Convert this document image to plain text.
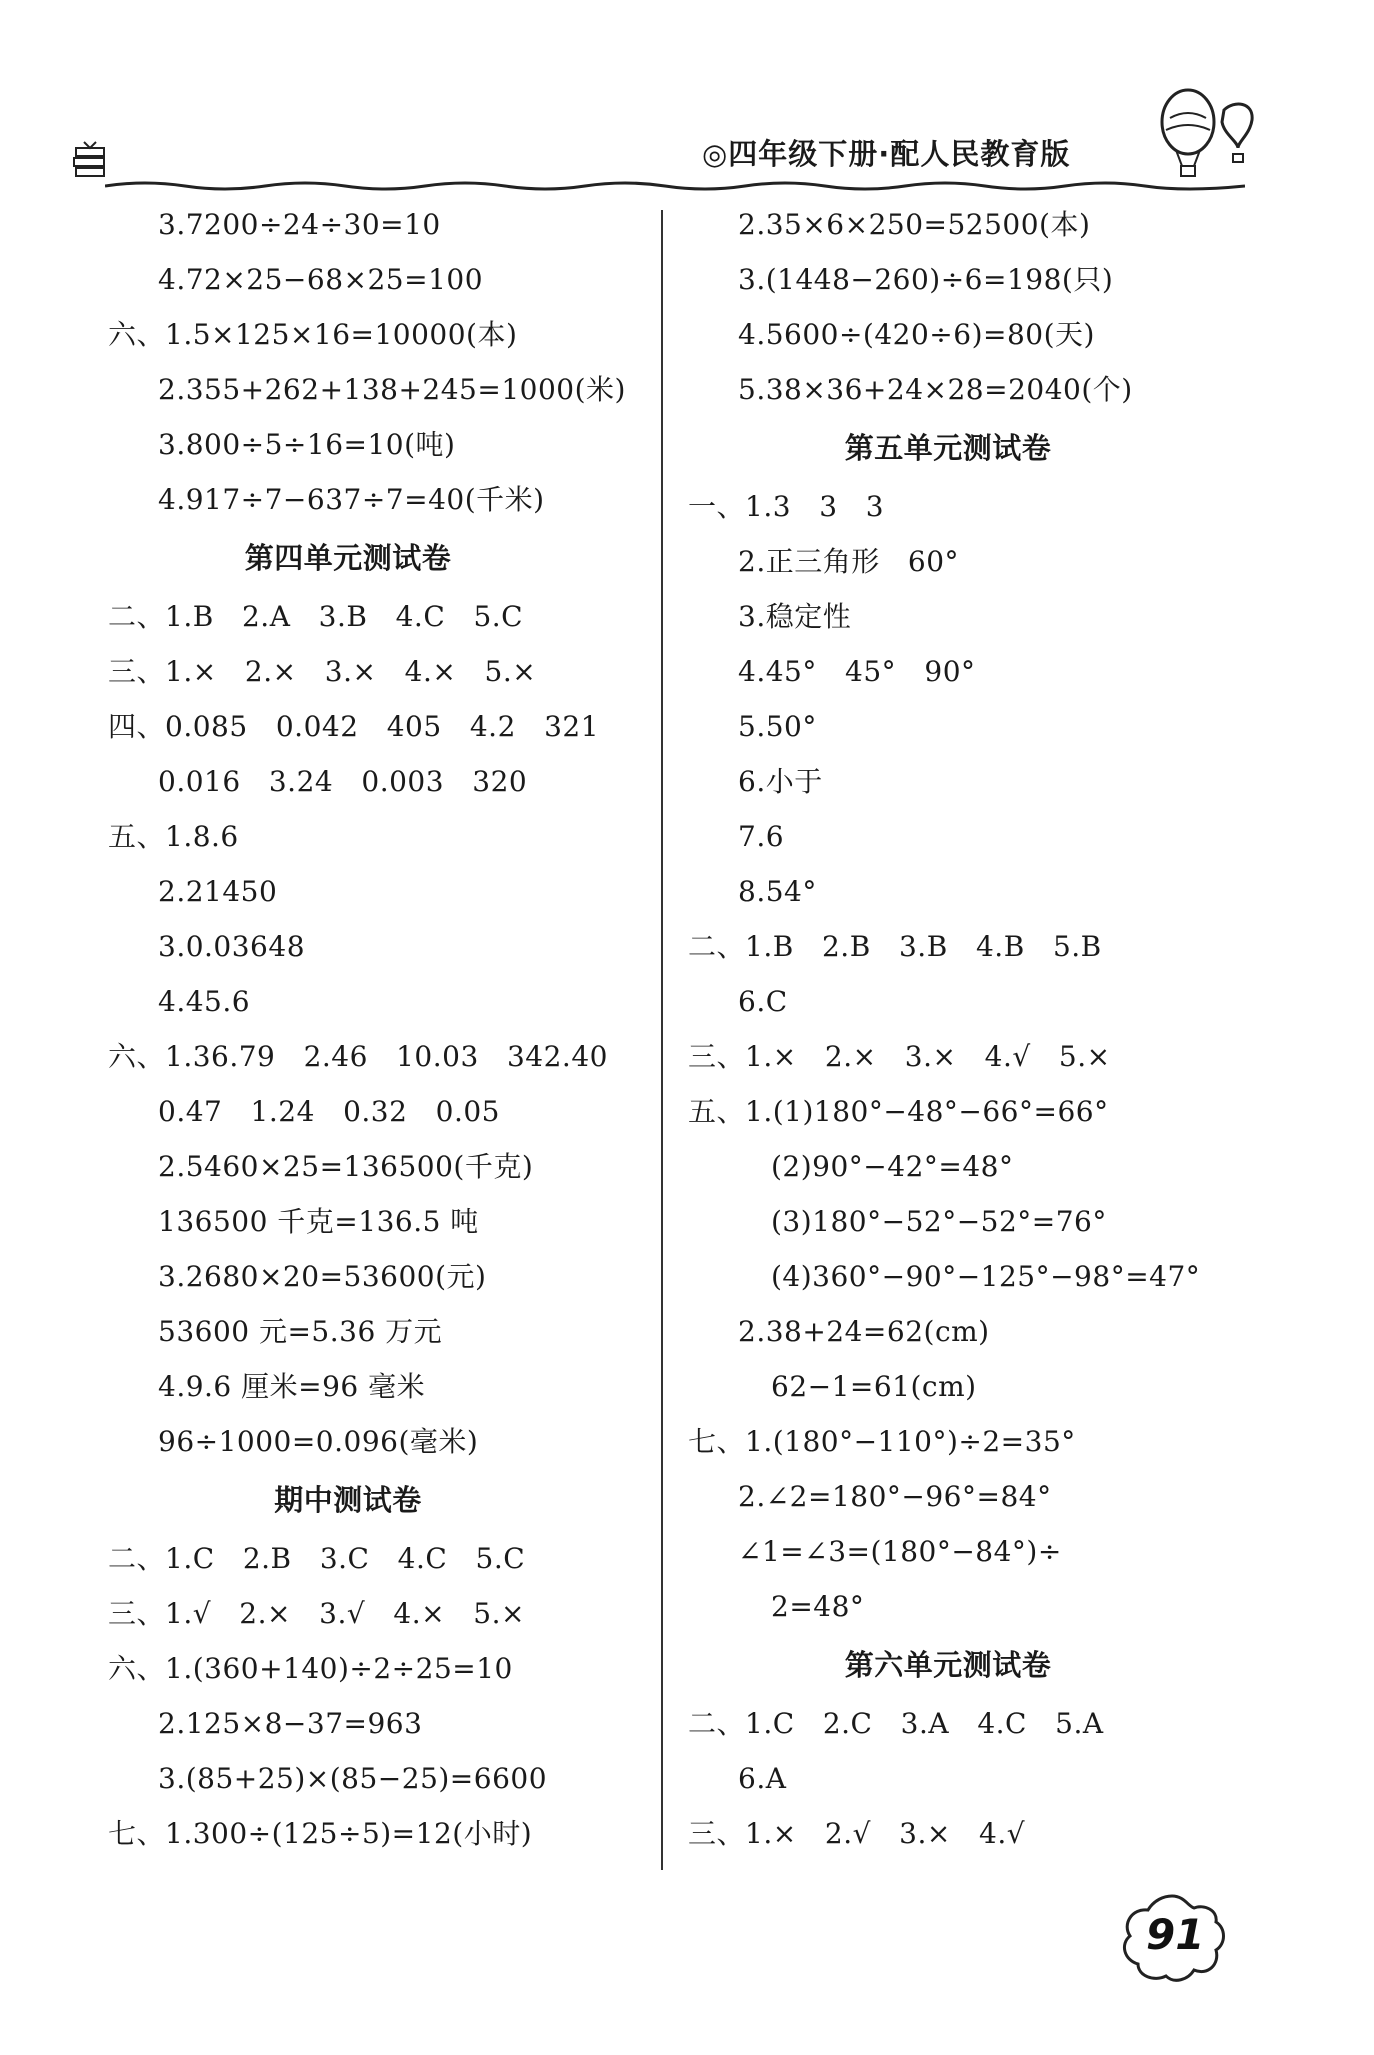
◎四年级下册·配人民教育版
3.7200÷24÷30=10
4.72×25−68×25=100
六、1.5×125×16=10000(本)
2.355+262+138+245=1000(米)
3.800÷5÷16=10(吨)
4.917÷7−637÷7=40(千米)
第四单元测试卷
二、1.B   2.A   3.B   4.C   5.C
三、1.×   2.×   3.×   4.×   5.×
四、0.085   0.042   405   4.2   321
0.016   3.24   0.003   320
五、1.8.6
2.21450
3.0.03648
4.45.6
六、1.36.79   2.46   10.03   342.40
0.47   1.24   0.32   0.05
2.5460×25=136500(千克)
136500 千克=136.5 吨
3.2680×20=53600(元)
53600 元=5.36 万元
4.9.6 厘米=96 毫米
96÷1000=0.096(毫米)
期中测试卷
二、1.C   2.B   3.C   4.C   5.C
三、1.√   2.×   3.√   4.×   5.×
六、1.(360+140)÷2÷25=10
2.125×8−37=963
3.(85+25)×(85−25)=6600
七、1.300÷(125÷5)=12(小时)
2.35×6×250=52500(本)
3.(1448−260)÷6=198(只)
4.5600÷(420÷6)=80(天)
5.38×36+24×28=2040(个)
第五单元测试卷
一、1.3   3   3
2.正三角形   60°
3.稳定性
4.45°   45°   90°
5.50°
6.小于
7.6
8.54°
二、1.B   2.B   3.B   4.B   5.B
6.C
三、1.×   2.×   3.×   4.√   5.×
五、1.(1)180°−48°−66°=66°
(2)90°−42°=48°
(3)180°−52°−52°=76°
(4)360°−90°−125°−98°=47°
2.38+24=62(cm)
62−1=61(cm)
七、1.(180°−110°)÷2=35°
2.∠2=180°−96°=84°
∠1=∠3=(180°−84°)÷
2=48°
第六单元测试卷
二、1.C   2.C   3.A   4.C   5.A
6.A
三、1.×   2.√   3.×   4.√
91
